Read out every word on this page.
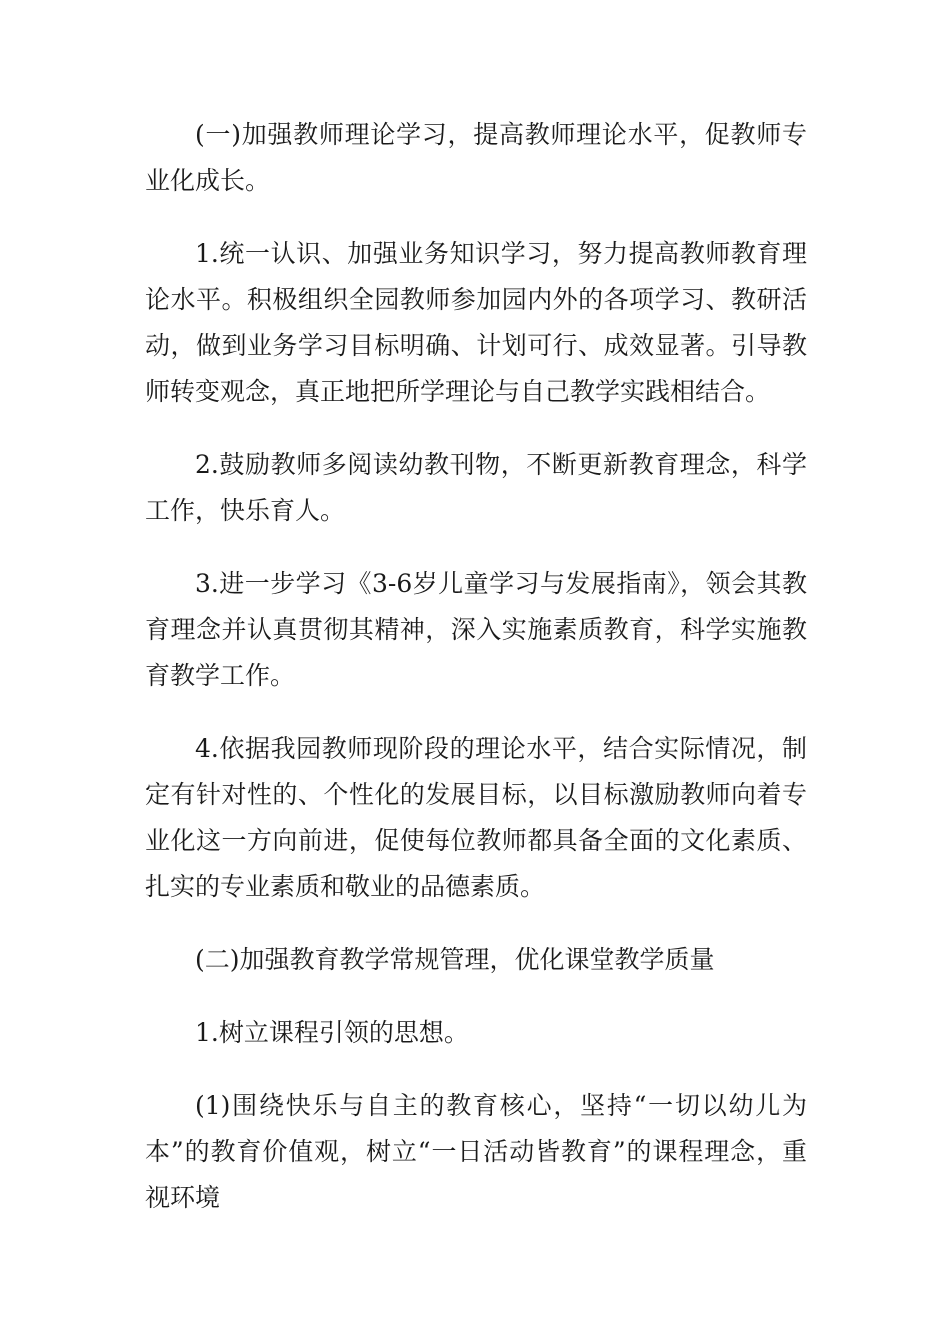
(一)加强教师理论学习，提高教师理论水平，促教师专业化成长。

1.统一认识、加强业务知识学习，努力提高教师教育理论水平。积极组织全园教师参加园内外的各项学习、教研活动，做到业务学习目标明确、计划可行、成效显著。引导教师转变观念，真正地把所学理论与自己教学实践相结合。

2.鼓励教师多阅读幼教刊物，不断更新教育理念，科学工作，快乐育人。

3.进一步学习《3-6岁儿童学习与发展指南》，领会其教育理念并认真贯彻其精神，深入实施素质教育，科学实施教育教学工作。

4.依据我园教师现阶段的理论水平，结合实际情况，制定有针对性的、个性化的发展目标，以目标激励教师向着专业化这一方向前进，促使每位教师都具备全面的文化素质、扎实的专业素质和敬业的品德素质。

(二)加强教育教学常规管理，优化课堂教学质量

1.树立课程引领的思想。

(1)围绕快乐与自主的教育核心，坚持“一切以幼儿为本”的教育价值观，树立“一日活动皆教育”的课程理念，重视环境
